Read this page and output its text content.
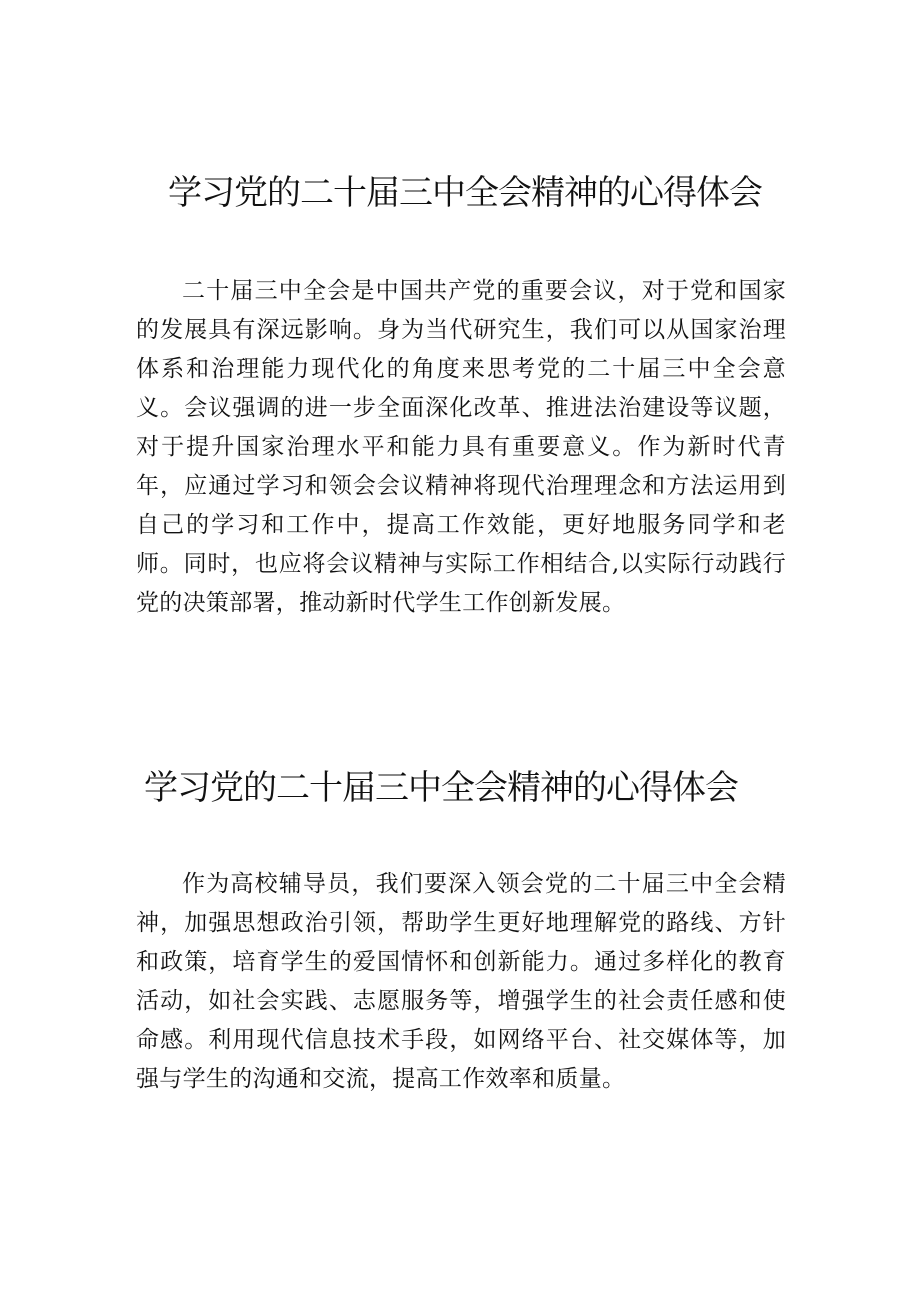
学习党的二十届三中全会精神的心得体会

二十届三中全会是中国共产党的重要会议，对于党和国家的发展具有深远影响。身为当代研究生，我们可以从国家治理体系和治理能力现代化的角度来思考党的二十届三中全会意义。会议强调的进一步全面深化改革、推进法治建设等议题，对于提升国家治理水平和能力具有重要意义。作为新时代青年，应通过学习和领会会议精神将现代治理理念和方法运用到自己的学习和工作中，提高工作效能，更好地服务同学和老师。同时，也应将会议精神与实际工作相结合,以实际行动践行党的决策部署，推动新时代学生工作创新发展。

学习党的二十届三中全会精神的心得体会

作为高校辅导员，我们要深入领会党的二十届三中全会精神，加强思想政治引领，帮助学生更好地理解党的路线、方针和政策，培育学生的爱国情怀和创新能力。通过多样化的教育活动，如社会实践、志愿服务等，增强学生的社会责任感和使命感。利用现代信息技术手段，如网络平台、社交媒体等，加强与学生的沟通和交流，提高工作效率和质量。
